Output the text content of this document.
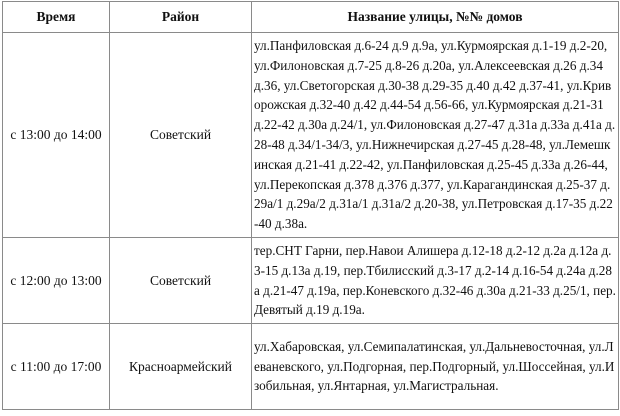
Время	Район	Название улицы, №№ домов
с 13:00 до 14:00	Советский	ул.Панфиловская д.6-24 д.9 д.9а, ул.Курмоярская д.1-19 д.2-20, ул.Филоновская д.7-25 д.8-26 д.20а, ул.Алексеевская д.26 д.34 д.36, ул.Светогорская д.30-38 д.29-35 д.40 д.42 д.37-41, ул.Криворожская д.32-40 д.42 д.44-54 д.56-66, ул.Курмоярская д.21-31 д.22-42 д.30а д.24/1, ул.Филоновская д.27-47 д.31а д.33а д.41а д.28-48 д.34/1-34/3, ул.Нижнечирская д.27-45 д.28-48, ул.Лемешкинская д.21-41 д.22-42, ул.Панфиловская д.25-45 д.33а д.26-44, ул.Перекопская д.378 д.376 д.377, ул.Карагандинская д.25-37 д.29а/1 д.29а/2 д.31а/1 д.31а/2 д.20-38, ул.Петровская д.17-35 д.22-40 д.38а.
с 12:00 до 13:00	Советский	тер.СНТ Гарни, пер.Навои Алишера д.12-18 д.2-12 д.2а д.12а д.3-15 д.13а д.19, пер.Тбилисский д.3-17 д.2-14 д.16-54 д.24а д.28а д.21-47 д.19а, пер.Коневского д.32-46 д.30а д.21-33 д.25/1, пер.Девятый д.19 д.19а.
с 11:00 до 17:00	Красноармейский	ул.Хабаровская, ул.Семипалатинская, ул.Дальневосточная, ул.Леваневского, ул.Подгорная, пер.Подгорный, ул.Шоссейная, ул.Изобильная, ул.Янтарная, ул.Магистральная.
